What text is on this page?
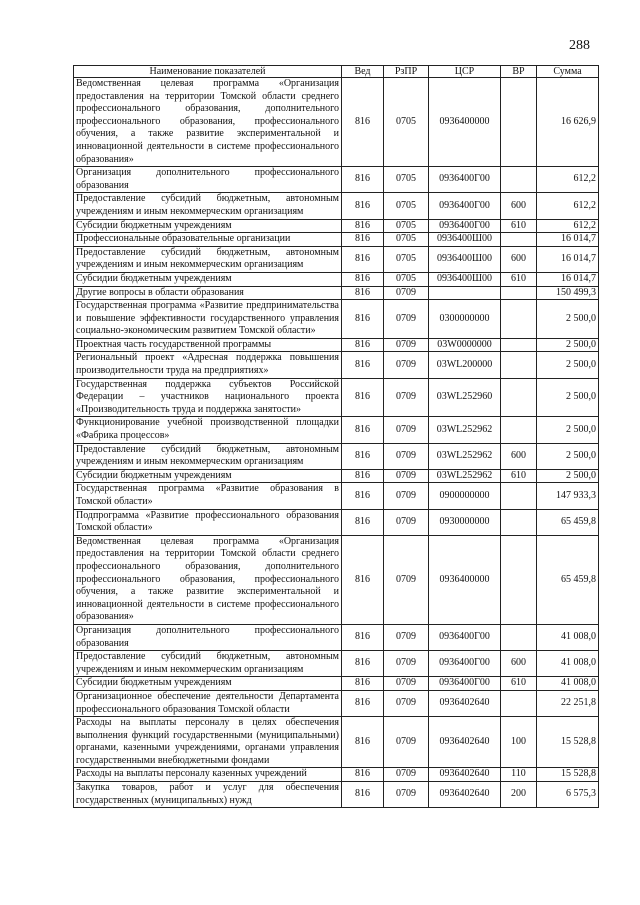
288
Наименование показателей	Вед	РзПР	ЦСР	ВР	Сумма
Ведомственная целевая программа «Организация предоставления на территории Томской области среднего профессионального образования, дополнительного профессионального образования, профессионального обучения, а также развитие экспериментальной и инновационной деятельности в системе профессионального образования»	816	0705	0936400000		16 626,9
Организация дополнительного профессионального образования	816	0705	0936400Г00		612,2
Предоставление субсидий бюджетным, автономным учреждениям и иным некоммерческим организациям	816	0705	0936400Г00	600	612,2
Субсидии бюджетным учреждениям	816	0705	0936400Г00	610	612,2
Профессиональные образовательные организации	816	0705	0936400Ш00		16 014,7
Предоставление субсидий бюджетным, автономным учреждениям и иным некоммерческим организациям	816	0705	0936400Ш00	600	16 014,7
Субсидии бюджетным учреждениям	816	0705	0936400Ш00	610	16 014,7
Другие вопросы в области образования	816	0709			150 499,3
Государственная программа «Развитие предпринимательства и повышение эффективности государственного управления социально-экономическим развитием Томской области»	816	0709	0300000000		2 500,0
Проектная часть государственной программы	816	0709	03W0000000		2 500,0
Региональный проект «Адресная поддержка повышения производительности труда на предприятиях»	816	0709	03WL200000		2 500,0
Государственная поддержка субъектов Российской Федерации – участников национального проекта «Производительность труда и поддержка занятости»	816	0709	03WL252960		2 500,0
Функционирование учебной производственной площадки «Фабрика процессов»	816	0709	03WL252962		2 500,0
Предоставление субсидий бюджетным, автономным учреждениям и иным некоммерческим организациям	816	0709	03WL252962	600	2 500,0
Субсидии бюджетным учреждениям	816	0709	03WL252962	610	2 500,0
Государственная программа «Развитие образования в Томской области»	816	0709	0900000000		147 933,3
Подпрограмма «Развитие профессионального образования Томской области»	816	0709	0930000000		65 459,8
Ведомственная целевая программа «Организация предоставления на территории Томской области среднего профессионального образования, дополнительного профессионального образования, профессионального обучения, а также развитие экспериментальной и инновационной деятельности в системе профессионального образования»	816	0709	0936400000		65 459,8
Организация дополнительного профессионального образования	816	0709	0936400Г00		41 008,0
Предоставление субсидий бюджетным, автономным учреждениям и иным некоммерческим организациям	816	0709	0936400Г00	600	41 008,0
Субсидии бюджетным учреждениям	816	0709	0936400Г00	610	41 008,0
Организационное обеспечение деятельности Департамента профессионального образования Томской области	816	0709	0936402640		22 251,8
Расходы на выплаты персоналу в целях обеспечения выполнения функций государственными (муниципальными) органами, казенными учреждениями, органами управления государственными внебюджетными фондами	816	0709	0936402640	100	15 528,8
Расходы на выплаты персоналу казенных учреждений	816	0709	0936402640	110	15 528,8
Закупка товаров, работ и услуг для обеспечения государственных (муниципальных) нужд	816	0709	0936402640	200	6 575,3
